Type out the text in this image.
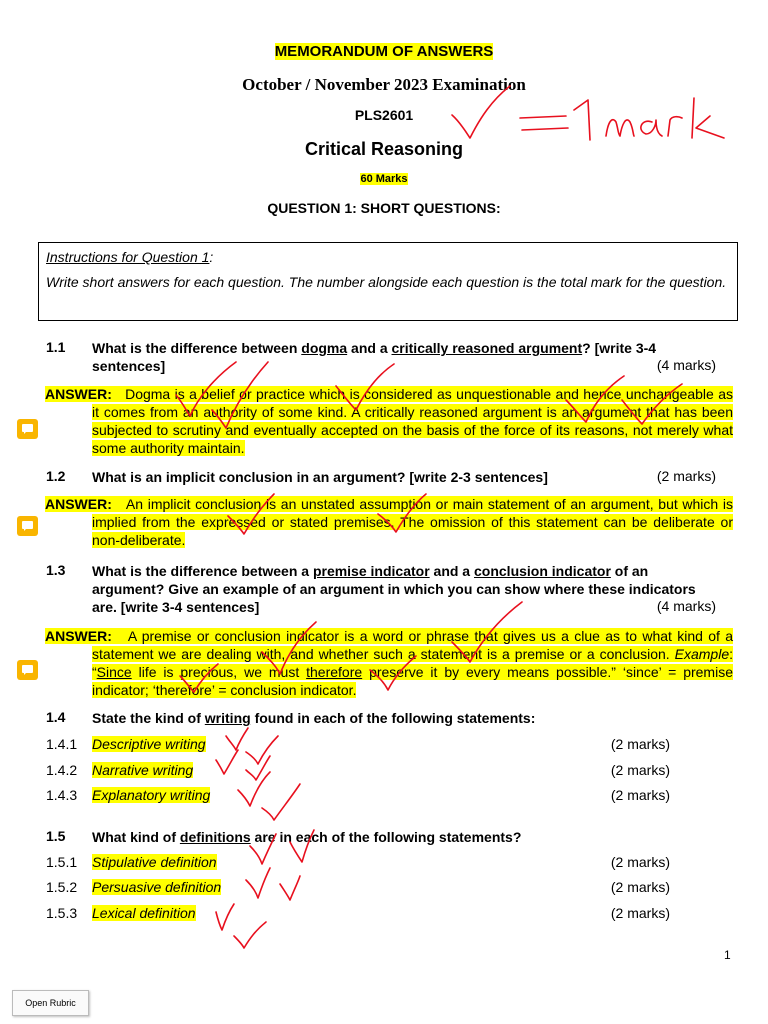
MEMORANDUM OF ANSWERS
October / November 2023 Examination
PLS2601
Critical Reasoning
60 Marks
QUESTION 1: SHORT QUESTIONS:
Instructions for Question 1:
Write short answers for each question. The number alongside each question is the total mark for the question.
1.1 What is the difference between dogma and a critically reasoned argument? [write 3-4 sentences]	(4 marks)
ANSWER: Dogma is a belief or practice which is considered as unquestionable and hence unchangeable as it comes from an authority of some kind. A critically reasoned argument is an argument that has been subjected to scrutiny and eventually accepted on the basis of the force of its reasons, not merely what some authority maintain.
1.2 What is an implicit conclusion in an argument? [write 2-3 sentences]	(2 marks)
ANSWER: An implicit conclusion is an unstated assumption or main statement of an argument, but which is implied from the expressed or stated premises. The omission of this statement can be deliberate or non-deliberate.
1.3 What is the difference between a premise indicator and a conclusion indicator of an argument? Give an example of an argument in which you can show where these indicators are. [write 3-4 sentences]	(4 marks)
ANSWER: A premise or conclusion indicator is a word or phrase that gives us a clue as to what kind of a statement we are dealing with, and whether such a statement is a premise or a conclusion. Example: “Since life is precious, we must therefore preserve it by every means possible.” ‘since’ = premise indicator; ‘therefore’ = conclusion indicator.
1.4 State the kind of writing found in each of the following statements:
1.4.1 Descriptive writing	(2 marks)
1.4.2 Narrative writing	(2 marks)
1.4.3 Explanatory writing	(2 marks)
1.5 What kind of definitions are in each of the following statements?
1.5.1 Stipulative definition	(2 marks)
1.5.2 Persuasive definition	(2 marks)
1.5.3 Lexical definition	(2 marks)
1
Open Rubric
